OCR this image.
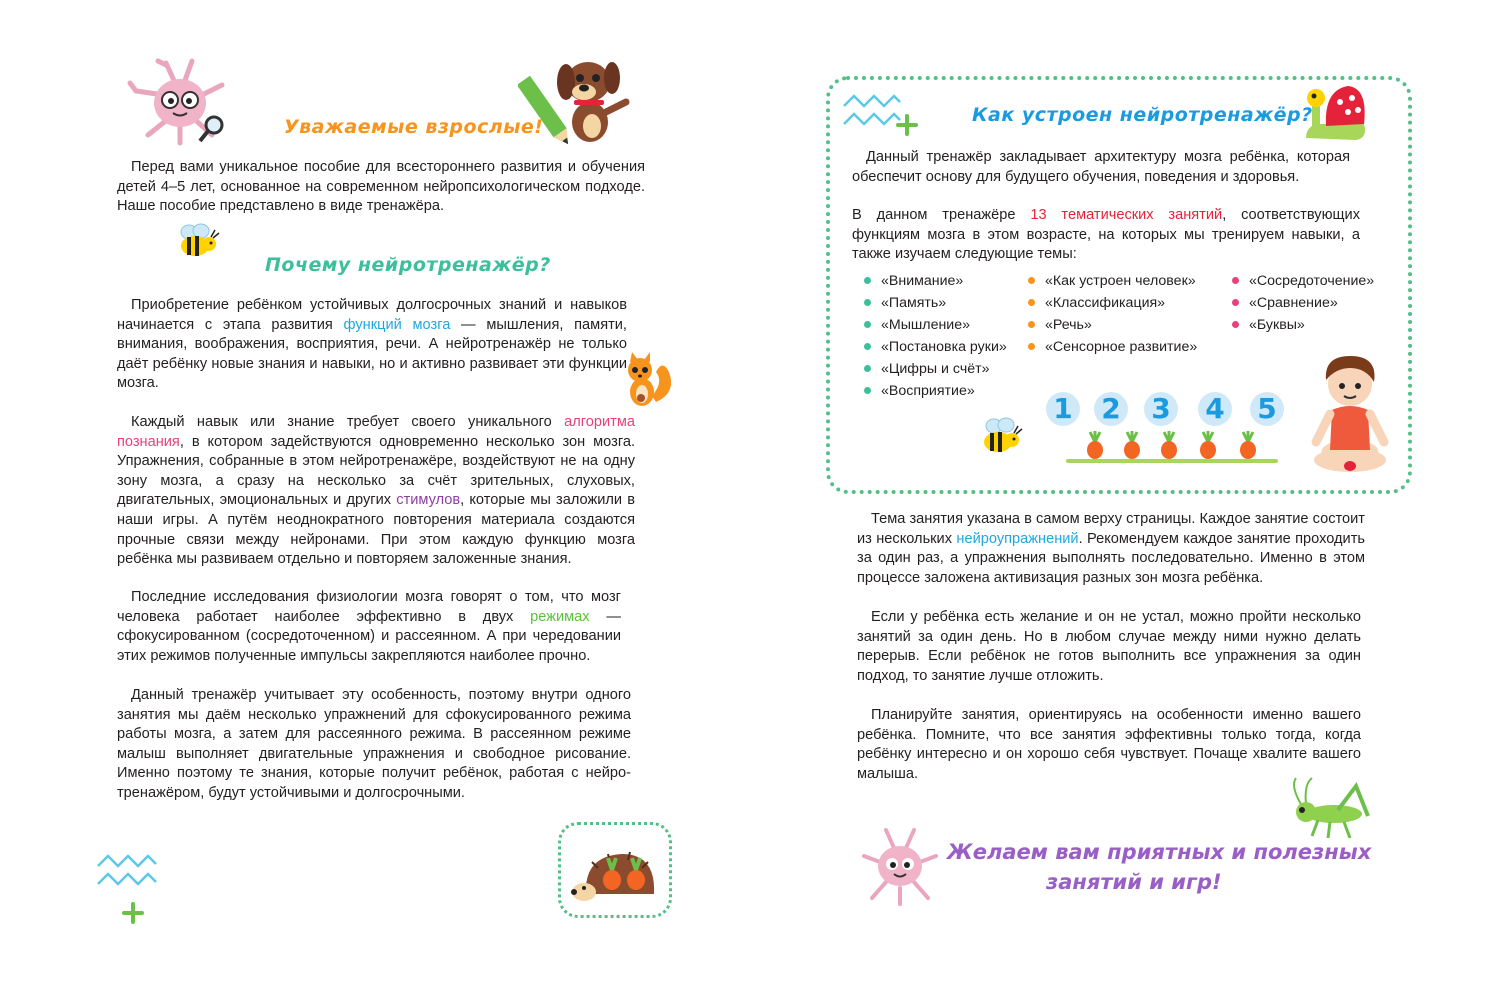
Уважаемые взрослые!

Перед вами уникальное пособие для всестороннего развития и обучения детей 4–5 лет, основанное на современном нейропсихологическом подходе. Наше пособие представлено в виде тренажёра.

Почему нейротренажёр?

Приобретение ребёнком устойчивых долгосрочных знаний и навыков начинается с этапа развития функций мозга — мышления, памяти, внимания, воображения, восприятия, речи. А нейротренажёр не только даёт ребёнку новые знания и навыки, но и активно развивает эти функции мозга.

Каждый навык или знание требует своего уникального алгоритма познания, в котором задействуются одновременно несколько зон мозга. Упражнения, собранные в этом нейротренажёре, воздействуют не на одну зону мозга, а сразу на несколько за счёт зрительных, слуховых, двигательных, эмоциональных и других стимулов, которые мы заложили в наши игры. А путём неоднократного повторения материала создаются прочные связи между нейронами. При этом каждую функцию мозга ребёнка мы развиваем отдельно и повторяем заложенные знания.

Последние исследования физиологии мозга говорят о том, что мозг человека работает наиболее эффективно в двух режимах — сфокусированном (сосредоточенном) и рассеянном. А при чередовании этих режимов полученные импульсы закрепляются наиболее прочно.

Данный тренажёр учитывает эту особенность, поэтому внутри одного занятия мы даём несколько упражнений для сфокусированного режима работы мозга, а затем для рассеянного режима. В рассеянном режиме малыш выполняет двигательные упражнения и свободное рисование. Именно поэтому те знания, которые получит ребёнок, работая с нейро-тренажёром, будут устойчивыми и долгосрочными.

Как устроен нейротренажёр?

Данный тренажёр закладывает архитектуру мозга ребёнка, которая обеспечит основу для будущего обучения, поведения и здоровья.

В данном тренажёре 13 тематических занятий, соответствующих функциям мозга в этом возрасте, на которых мы тренируем навыки, а также изучаем следующие темы:

«Внимание»
«Память»
«Мышление»
«Постановка руки»
«Цифры и счёт»
«Восприятие»
«Как устроен человек»
«Классификация»
«Речь»
«Сенсорное развитие»
«Сосредоточение»
«Сравнение»
«Буквы»
1 2 3 4 5

Тема занятия указана в самом верху страницы. Каждое занятие состоит из нескольких нейроупражнений. Рекомендуем каждое занятие проходить за один раз, а упражнения выполнять последовательно. Именно в этом процессе заложена активизация разных зон мозга ребёнка.

Если у ребёнка есть желание и он не устал, можно пройти несколько занятий за один день. Но в любом случае между ними нужно делать перерыв. Если ребёнок не готов выполнить все упражнения за один подход, то занятие лучше отложить.

Планируйте занятия, ориентируясь на особенности именно вашего ребёнка. Помните, что все занятия эффективны только тогда, когда ребёнку интересно и он хорошо себя чувствует. Почаще хвалите вашего малыша.

Желаем вам приятных и полезных
занятий и игр!
